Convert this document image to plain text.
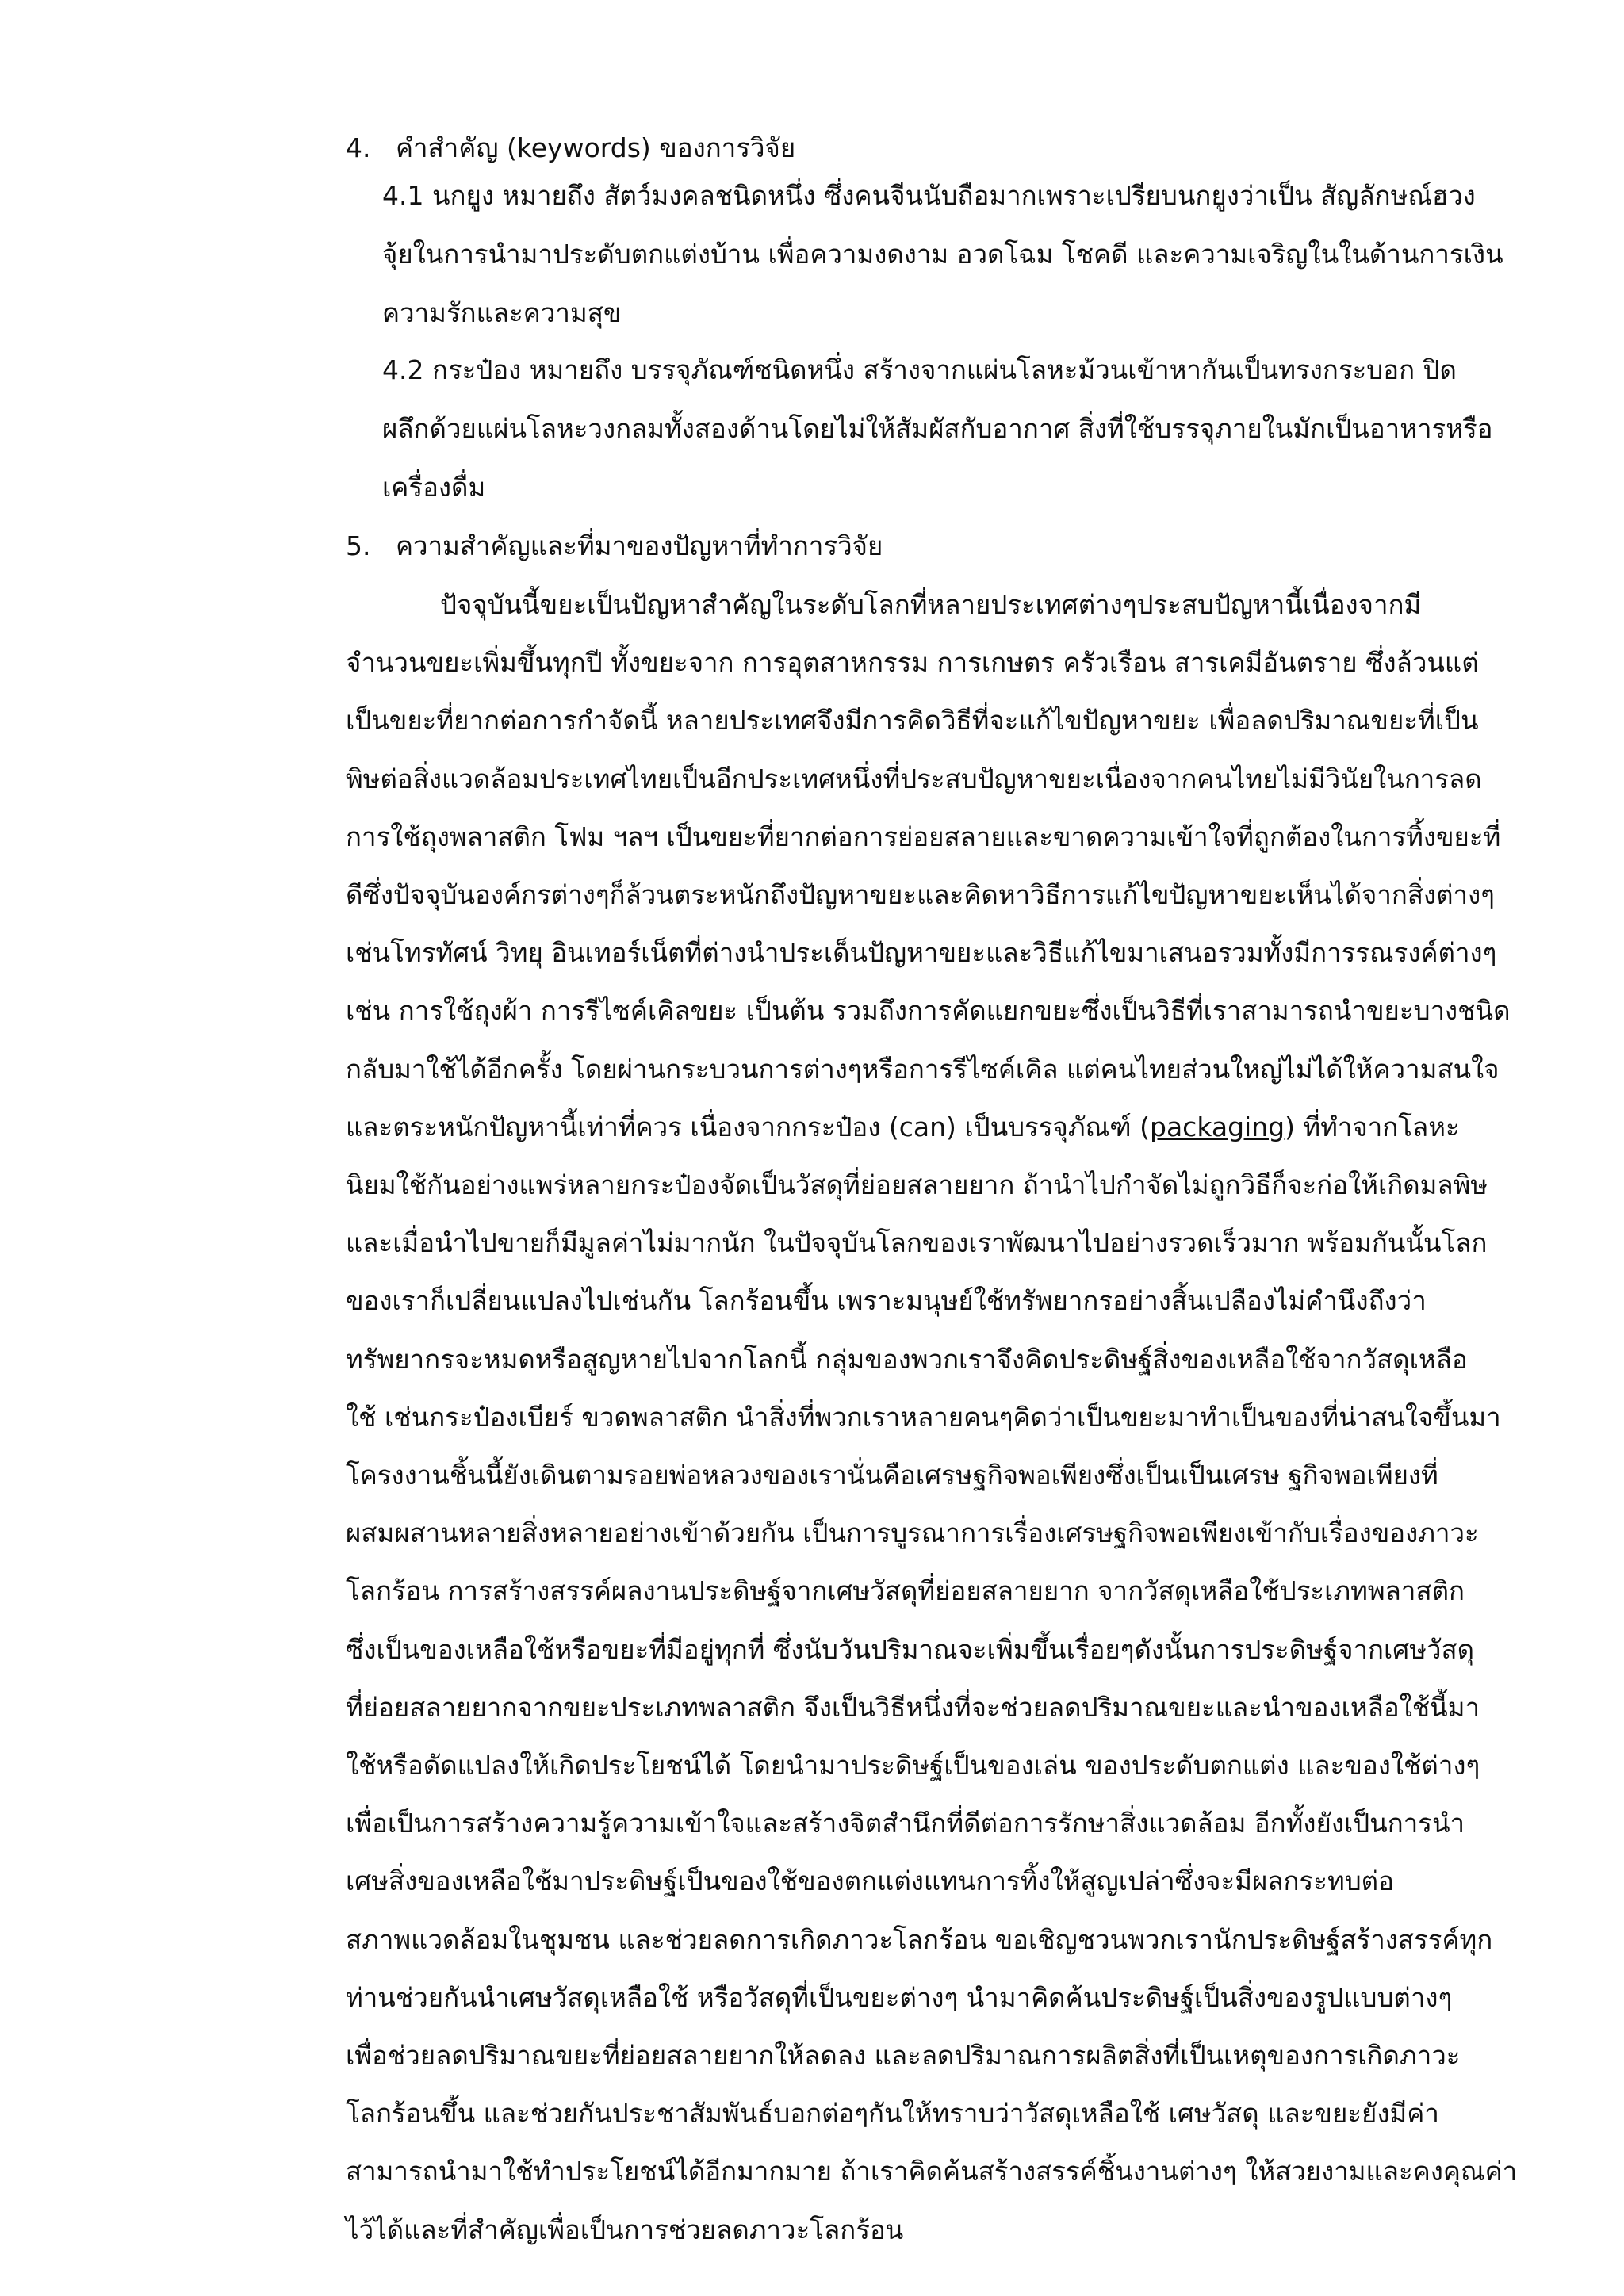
4. คำสำคัญ (keywords) ของการวิจัย
4.1 นกยูง หมายถึง สัตว์มงคลชนิดหนึ่ง ซึ่งคนจีนนับถือมากเพราะเปรียบนกยูงว่าเป็น สัญลักษณ์ฮวง
จุ้ยในการนำมาประดับตกแต่งบ้าน เพื่อความงดงาม อวดโฉม โชคดี และความเจริญในในด้านการเงิน
ความรักและความสุข
4.2 กระป๋อง หมายถึง บรรจุภัณฑ์ชนิดหนึ่ง สร้างจากแผ่นโลหะม้วนเข้าหากันเป็นทรงกระบอก ปิด
ผลึกด้วยแผ่นโลหะวงกลมทั้งสองด้านโดยไม่ให้สัมผัสกับอากาศ สิ่งที่ใช้บรรจุภายในมักเป็นอาหารหรือ
เครื่องดื่ม
5. ความสำคัญและที่มาของปัญหาที่ทำการวิจัย
ปัจจุบันนี้ขยะเป็นปัญหาสำคัญในระดับโลกที่หลายประเทศต่างๆประสบปัญหานี้เนื่องจากมี
จำนวนขยะเพิ่มขึ้นทุกปี ทั้งขยะจาก การอุตสาหกรรม การเกษตร ครัวเรือน สารเคมีอันตราย ซึ่งล้วนแต่
เป็นขยะที่ยากต่อการกำจัดนี้ หลายประเทศจึงมีการคิดวิธีที่จะแก้ไขปัญหาขยะ เพื่อลดปริมาณขยะที่เป็น
พิษต่อสิ่งแวดล้อมประเทศไทยเป็นอีกประเทศหนึ่งที่ประสบปัญหาขยะเนื่องจากคนไทยไม่มีวินัยในการลด
การใช้ถุงพลาสติก โฟม ฯลฯ เป็นขยะที่ยากต่อการย่อยสลายและขาดความเข้าใจที่ถูกต้องในการทิ้งขยะที่
ดีซึ่งปัจจุบันองค์กรต่างๆก็ล้วนตระหนักถึงปัญหาขยะและคิดหาวิธีการแก้ไขปัญหาขยะเห็นได้จากสิ่งต่างๆ
เช่นโทรทัศน์ วิทยุ อินเทอร์เน็ตที่ต่างนำประเด็นปัญหาขยะและวิธีแก้ไขมาเสนอรวมทั้งมีการรณรงค์ต่างๆ
เช่น การใช้ถุงผ้า การรีไซค์เคิลขยะ เป็นต้น รวมถึงการคัดแยกขยะซึ่งเป็นวิธีที่เราสามารถนำขยะบางชนิด
กลับมาใช้ได้อีกครั้ง โดยผ่านกระบวนการต่างๆหรือการรีไซค์เคิล แต่คนไทยส่วนใหญ่ไม่ได้ให้ความสนใจ
และตระหนักปัญหานี้เท่าที่ควร เนื่องจากกระป๋อง (can) เป็นบรรจุภัณฑ์ (packaging) ที่ทำจากโลหะ
นิยมใช้กันอย่างแพร่หลายกระป๋องจัดเป็นวัสดุที่ย่อยสลายยาก ถ้านำไปกำจัดไม่ถูกวิธีก็จะก่อให้เกิดมลพิษ
และเมื่อนำไปขายก็มีมูลค่าไม่มากนัก ในปัจจุบันโลกของเราพัฒนาไปอย่างรวดเร็วมาก พร้อมกันนั้นโลก
ของเราก็เปลี่ยนแปลงไปเช่นกัน โลกร้อนขึ้น เพราะมนุษย์ใช้ทรัพยากรอย่างสิ้นเปลืองไม่คำนึงถึงว่า
ทรัพยากรจะหมดหรือสูญหายไปจากโลกนี้ กลุ่มของพวกเราจึงคิดประดิษฐ์สิ่งของเหลือใช้จากวัสดุเหลือ
ใช้ เช่นกระป๋องเบียร์ ขวดพลาสติก นำสิ่งที่พวกเราหลายคนๆคิดว่าเป็นขยะมาทำเป็นของที่น่าสนใจขึ้นมา
โครงงานชิ้นนี้ยังเดินตามรอยพ่อหลวงของเรานั่นคือเศรษฐกิจพอเพียงซึ่งเป็นเป็นเศรษ ฐกิจพอเพียงที่
ผสมผสานหลายสิ่งหลายอย่างเข้าด้วยกัน เป็นการบูรณาการเรื่องเศรษฐกิจพอเพียงเข้ากับเรื่องของภาวะ
โลกร้อน การสร้างสรรค์ผลงานประดิษฐ์จากเศษวัสดุที่ย่อยสลายยาก จากวัสดุเหลือใช้ประเภทพลาสติก
ซึ่งเป็นของเหลือใช้หรือขยะที่มีอยู่ทุกที่ ซึ่งนับวันปริมาณจะเพิ่มขึ้นเรื่อยๆดังนั้นการประดิษฐ์จากเศษวัสดุ
ที่ย่อยสลายยากจากขยะประเภทพลาสติก จึงเป็นวิธีหนึ่งที่จะช่วยลดปริมาณขยะและนำของเหลือใช้นี้มา
ใช้หรือดัดแปลงให้เกิดประโยชน์ได้ โดยนำมาประดิษฐ์เป็นของเล่น ของประดับตกแต่ง และของใช้ต่างๆ
เพื่อเป็นการสร้างความรู้ความเข้าใจและสร้างจิตสำนึกที่ดีต่อการรักษาสิ่งแวดล้อม อีกทั้งยังเป็นการนำ
เศษสิ่งของเหลือใช้มาประดิษฐ์เป็นของใช้ของตกแต่งแทนการทิ้งให้สูญเปล่าซึ่งจะมีผลกระทบต่อ
สภาพแวดล้อมในชุมชน และช่วยลดการเกิดภาวะโลกร้อน ขอเชิญชวนพวกเรานักประดิษฐ์สร้างสรรค์ทุก
ท่านช่วยกันนำเศษวัสดุเหลือใช้ หรือวัสดุที่เป็นขยะต่างๆ นำมาคิดค้นประดิษฐ์เป็นสิ่งของรูปแบบต่างๆ
เพื่อช่วยลดปริมาณขยะที่ย่อยสลายยากให้ลดลง และลดปริมาณการผลิตสิ่งที่เป็นเหตุของการเกิดภาวะ
โลกร้อนขึ้น และช่วยกันประชาสัมพันธ์บอกต่อๆกันให้ทราบว่าวัสดุเหลือใช้ เศษวัสดุ และขยะยังมีค่า
สามารถนำมาใช้ทำประโยชน์ได้อีกมากมาย ถ้าเราคิดค้นสร้างสรรค์ชิ้นงานต่างๆ ให้สวยงามและคงคุณค่า
ไว้ได้และที่สำคัญเพื่อเป็นการช่วยลดภาวะโลกร้อน
